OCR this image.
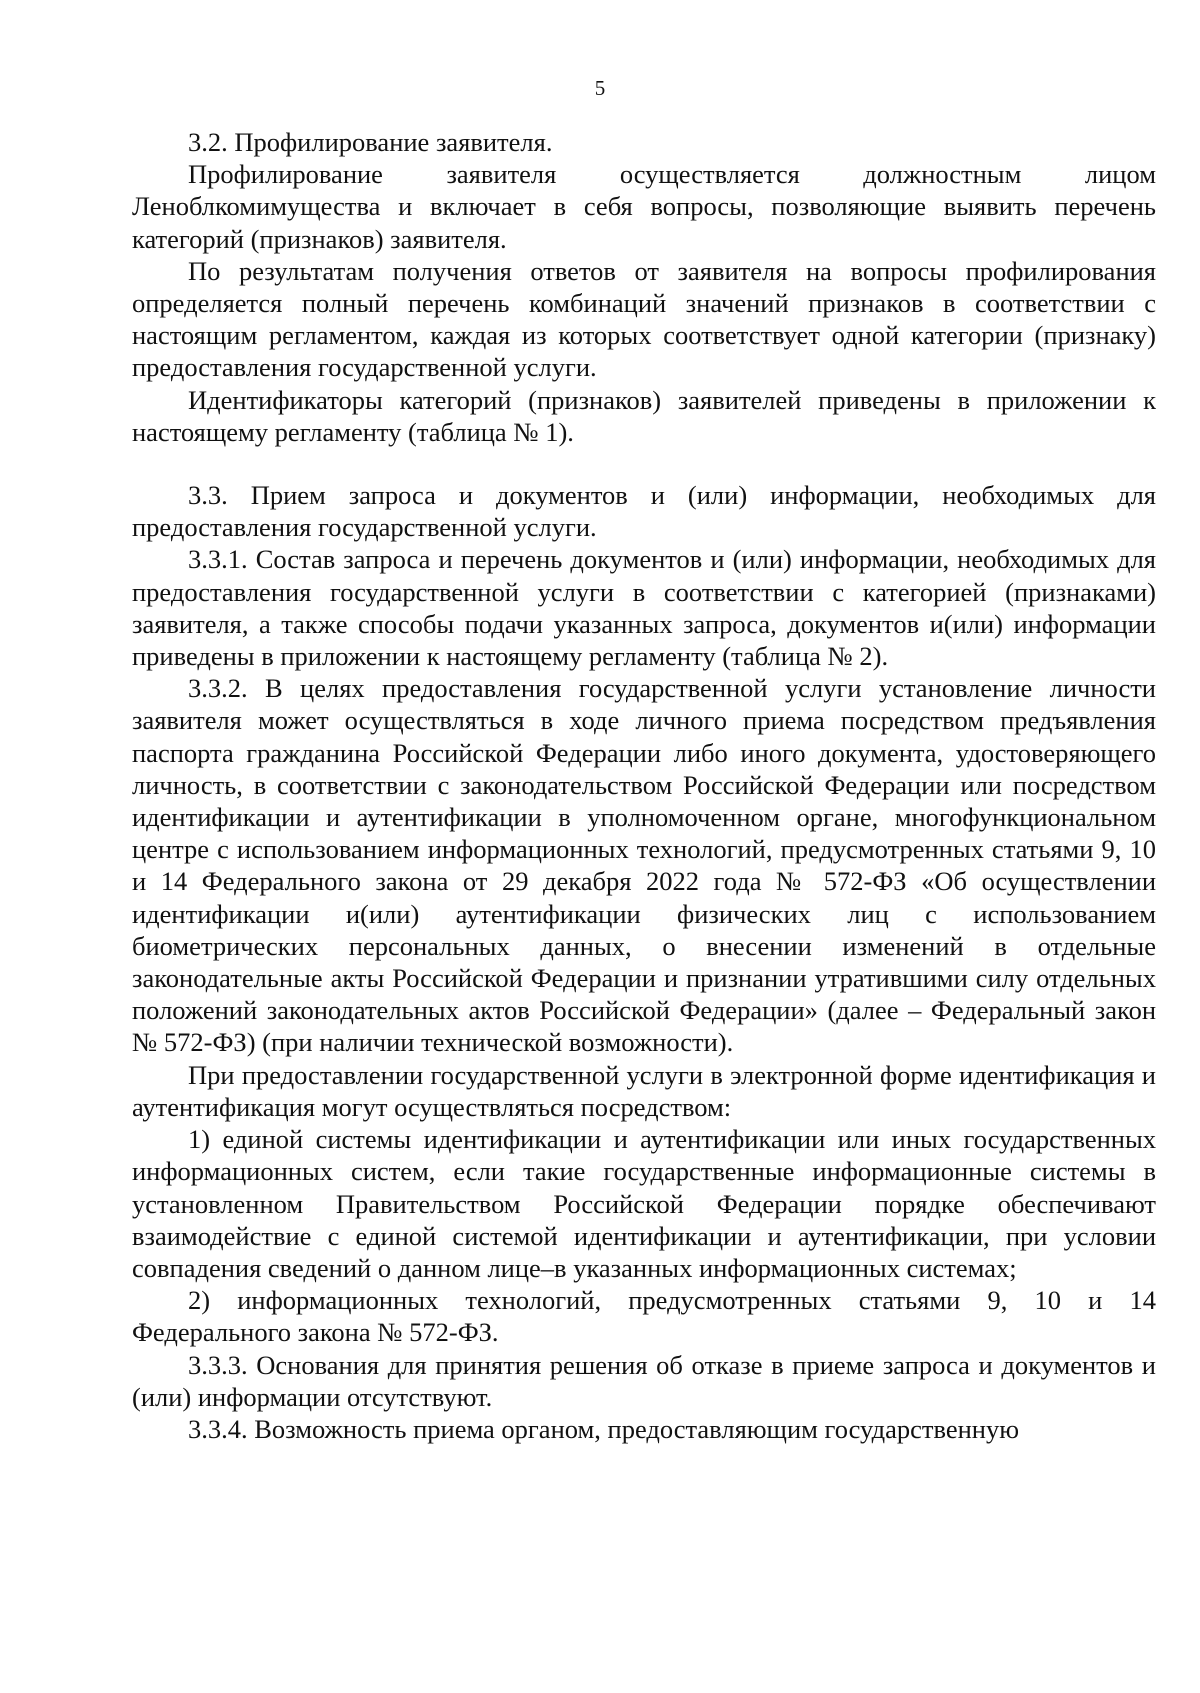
5

3.2. Профилирование заявителя.

Профилирование заявителя осуществляется должностным лицом Леноблкомимущества и включает в себя вопросы, позволяющие выявить перечень категорий (признаков) заявителя.

По результатам получения ответов от заявителя на вопросы профилирования определяется полный перечень комбинаций значений признаков в соответствии с настоящим регламентом, каждая из которых соответствует одной категории (признаку) предоставления государственной услуги.

Идентификаторы категорий (признаков) заявителей приведены в приложении к настоящему регламенту (таблица № 1).

3.3. Прием запроса и документов и (или) информации, необходимых для предоставления государственной услуги.

3.3.1. Состав запроса и перечень документов и (или) информации, необходимых для предоставления государственной услуги в соответствии с категорией (признаками) заявителя, а также способы подачи указанных запроса, документов и(или) информации приведены в приложении к настоящему регламенту (таблица № 2).

3.3.2. В целях предоставления государственной услуги установление личности заявителя может осуществляться в ходе личного приема посредством предъявления паспорта гражданина Российской Федерации либо иного документа, удостоверяющего личность, в соответствии с законодательством Российской Федерации или посредством идентификации и аутентификации в уполномоченном органе, многофункциональном центре с использованием информационных технологий, предусмотренных статьями 9, 10 и 14 Федерального закона от 29 декабря 2022 года № 572-ФЗ «Об осуществлении идентификации и(или) аутентификации физических лиц с использованием биометрических персональных данных, о внесении изменений в отдельные законодательные акты Российской Федерации и признании утратившими силу отдельных положений законодательных актов Российской Федерации» (далее – Федеральный закон № 572-ФЗ) (при наличии технической возможности).

При предоставлении государственной услуги в электронной форме идентификация и аутентификация могут осуществляться посредством:

1) единой системы идентификации и аутентификации или иных государственных информационных систем, если такие государственные информационные системы в установленном Правительством Российской Федерации порядке обеспечивают взаимодействие с единой системой идентификации и аутентификации, при условии совпадения сведений о данном лице–в указанных информационных системах;

2) информационных технологий, предусмотренных статьями 9, 10 и 14 Федерального закона № 572-ФЗ.

3.3.3. Основания для принятия решения об отказе в приеме запроса и документов и (или) информации отсутствуют.

3.3.4. Возможность приема органом, предоставляющим государственную
